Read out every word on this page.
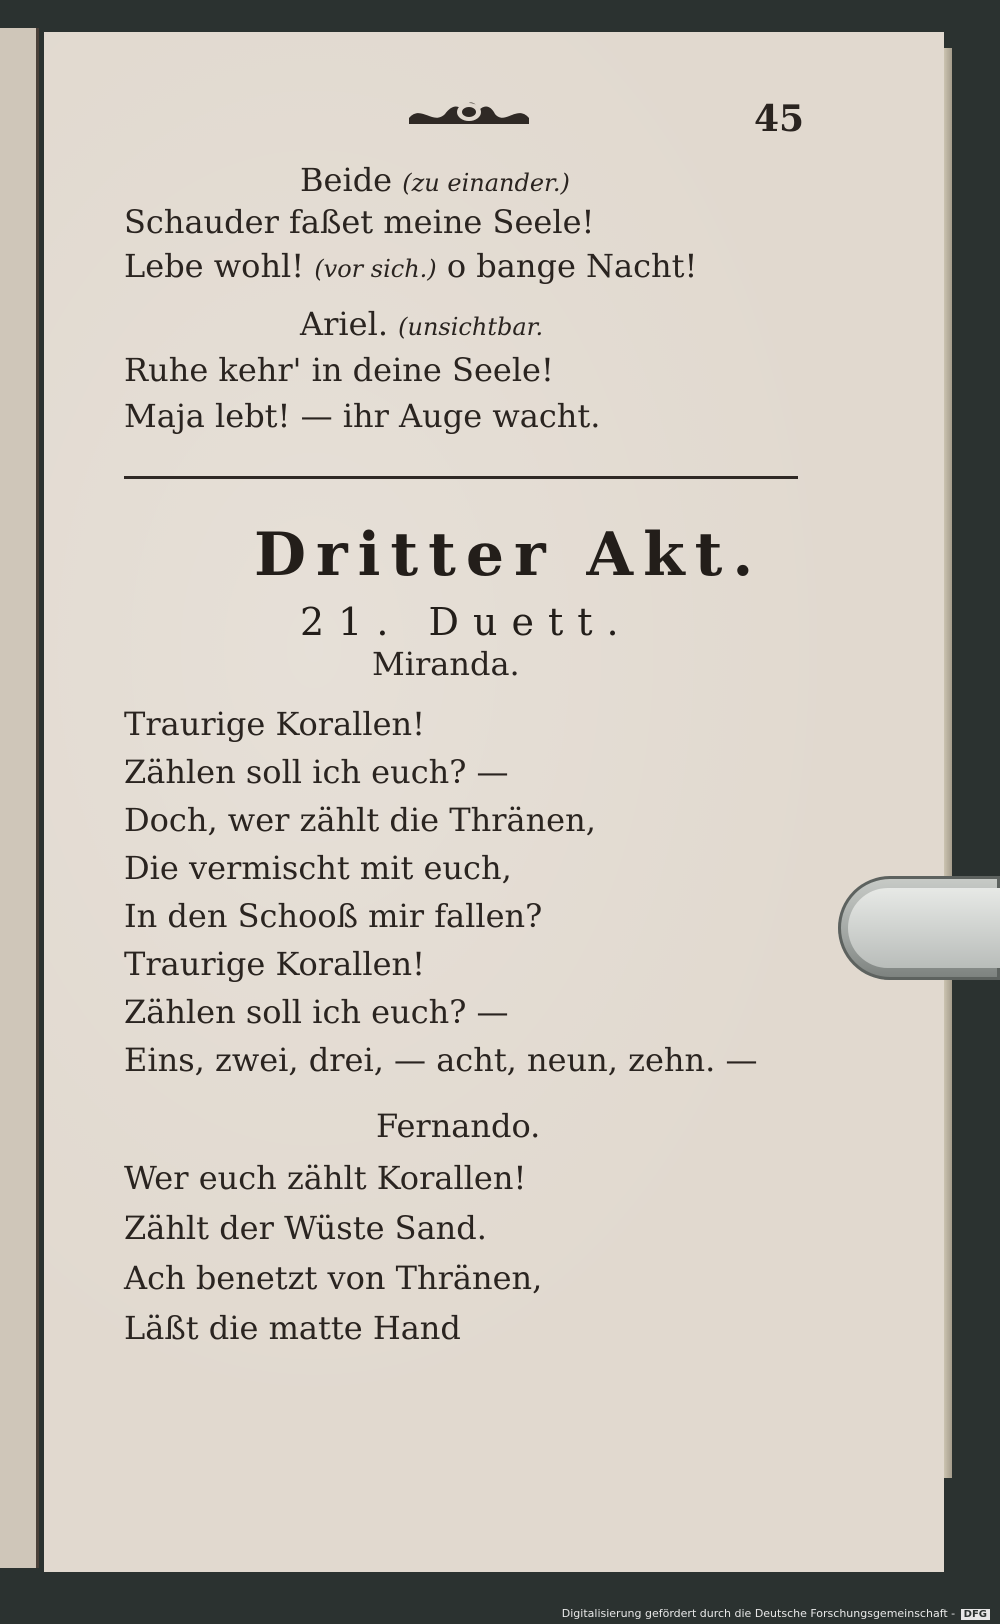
45
Beide (zu einander.)
Schauder faßet meine Seele!
Lebe wohl! (vor sich.) o bange Nacht!
Ariel. (unsichtbar.
Ruhe kehr' in deine Seele!
Maja lebt! — ihr Auge wacht.
Dritter Akt.
21. Duett.
Miranda.
Traurige Korallen!
Zählen soll ich euch? —
Doch, wer zählt die Thränen,
Die vermischt mit euch,
In den Schooß mir fallen?
Traurige Korallen!
Zählen soll ich euch? —
Eins, zwei, drei, — acht, neun, zehn. —
Fernando.
Wer euch zählt Korallen!
Zählt der Wüste Sand.
Ach benetzt von Thränen,
Läßt die matte Hand
Digitalisierung gefördert durch die Deutsche Forschungsgemeinschaft - DFG
